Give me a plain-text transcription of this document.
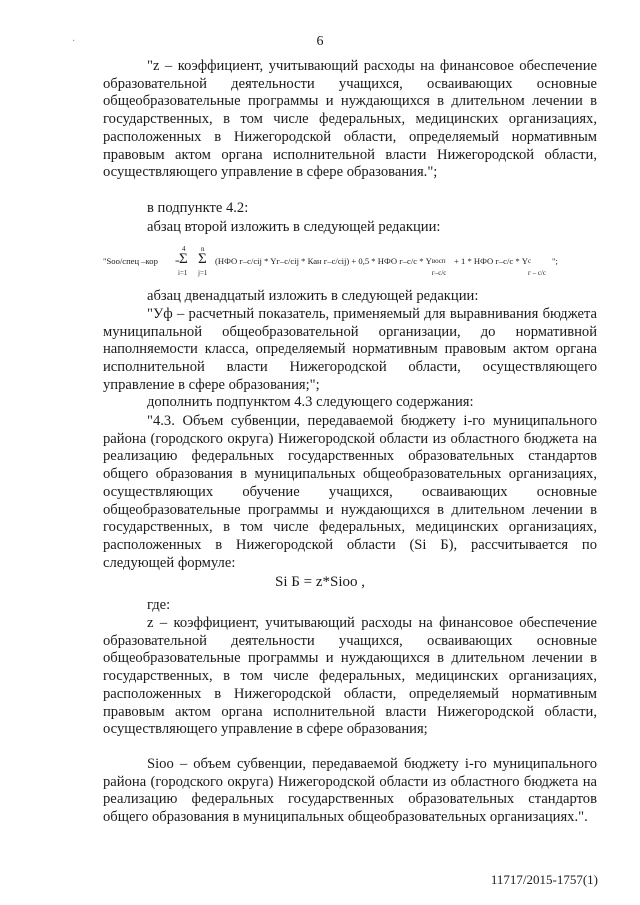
·	6

"z – коэффициент, учитывающий расходы на финансовое обеспечение образовательной деятельности учащихся, осваивающих основные общеобразовательные программы и нуждающихся в длительном лечении в государственных, в том числе федеральных, медицинских организациях, расположенных в Нижегородской области, определяемый нормативным правовым актом органа исполнительной власти Нижегородской области, осуществляющего управление в сфере образования.";

в подпункте 4.2:

абзац второй изложить в следующей редакции:

"Sоо/спец –кор =
4
Σ
i=1
n
Σ
j=1
(НФО г–с/cij * Yг–с/cij * Кан г–с/cij) + 0,5 * НФО г–с/с * Y восп
г–с/с
+ 1 * НФО г–с/с * Y c
г – с/с
";

абзац двенадцатый изложить в следующей редакции:

"Уф – расчетный показатель, применяемый для выравнивания бюджета муниципальной общеобразовательной организации, до нормативной наполняемости класса, определяемый нормативным правовым актом органа исполнительной власти Нижегородской области, осуществляющего управление в сфере образования;";

дополнить подпунктом 4.3 следующего содержания:

"4.3. Объем субвенции, передаваемой бюджету i-го муниципального района (городского округа) Нижегородской области из областного бюджета на реализацию федеральных государственных образовательных стандартов общего образования в муниципальных общеобразовательных организациях, осуществляющих обучение учащихся, осваивающих основные общеобразовательные программы и нуждающихся в длительном лечении в государственных, в том числе федеральных, медицинских организациях, расположенных в Нижегородской области (Si Б), рассчитывается по следующей формуле:

Si Б = z*Siоо ,

где:

z – коэффициент, учитывающий расходы на финансовое обеспечение образовательной деятельности учащихся, осваивающих основные общеобразовательные программы и нуждающихся в длительном лечении в государственных, в том числе федеральных, медицинских организациях, расположенных в Нижегородской области, определяемый нормативным правовым актом органа исполнительной власти Нижегородской области, осуществляющего управление в сфере образования;

Siоо – объем субвенции, передаваемой бюджету i-го муниципального района (городского округа) Нижегородской области из областного бюджета на реализацию федеральных государственных образовательных стандартов общего образования в муниципальных общеобразовательных организациях.".

11717/2015-1757(1)
